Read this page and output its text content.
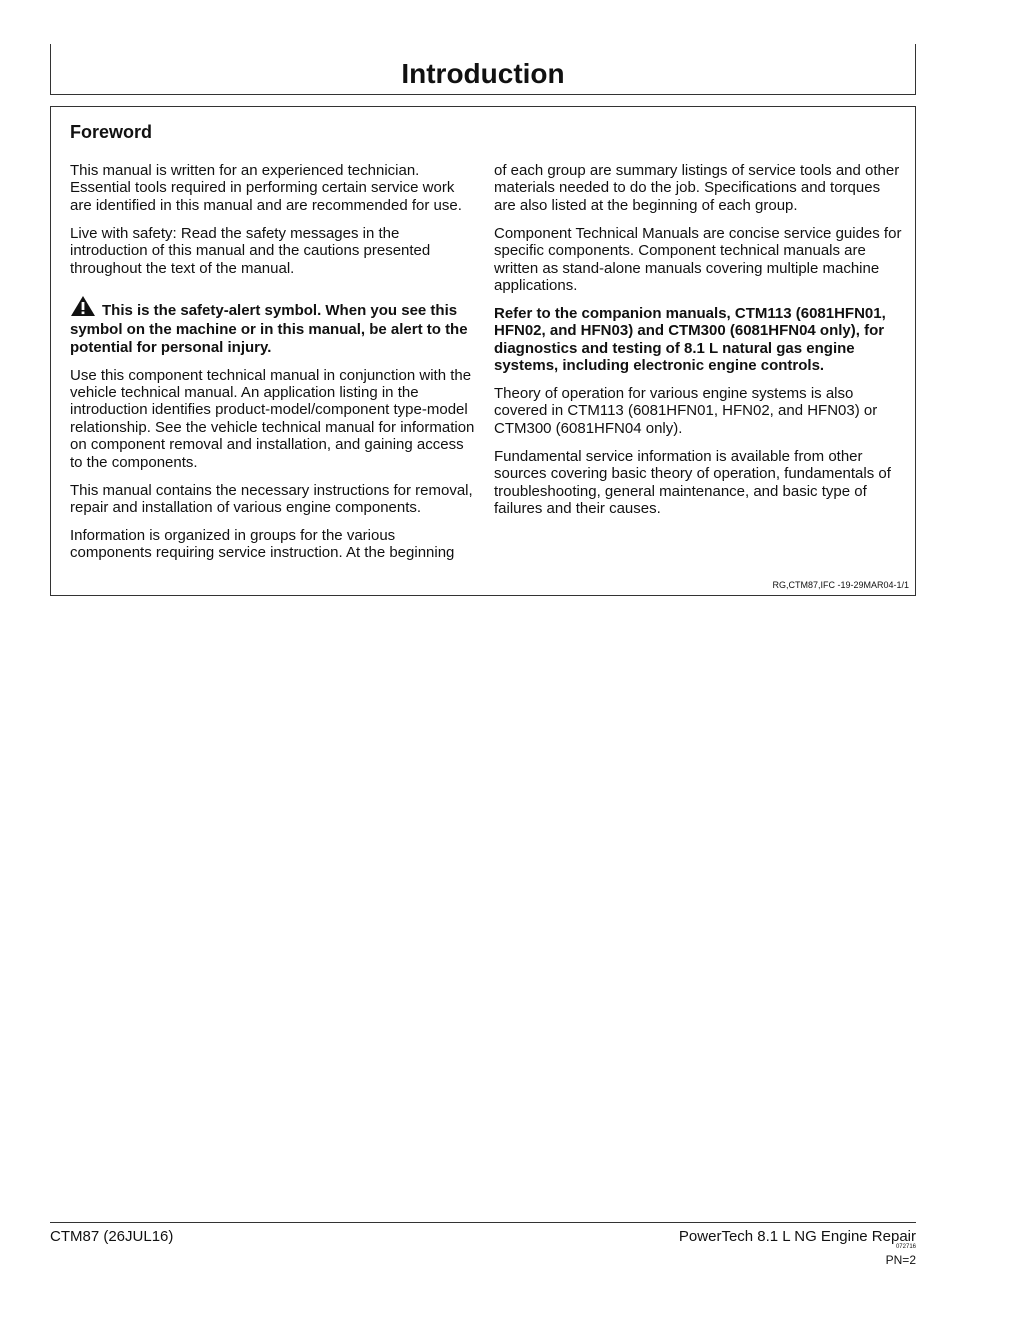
Introduction
Foreword

This manual is written for an experienced technician. Essential tools required in performing certain service work are identified in this manual and are recommended for use.

Live with safety: Read the safety messages in the introduction of this manual and the cautions presented throughout the text of the manual.

This is the safety-alert symbol. When you see this symbol on the machine or in this manual, be alert to the potential for personal injury.

Use this component technical manual in conjunction with the vehicle technical manual. An application listing in the introduction identifies product-model/component type-model relationship. See the vehicle technical manual for information on component removal and installation, and gaining access to the components.

This manual contains the necessary instructions for removal, repair and installation of various engine components.

Information is organized in groups for the various components requiring service instruction. At the beginning

of each group are summary listings of service tools and other materials needed to do the job. Specifications and torques are also listed at the beginning of each group.

Component Technical Manuals are concise service guides for specific components. Component technical manuals are written as stand-alone manuals covering multiple machine applications.

Refer to the companion manuals, CTM113 (6081HFN01, HFN02, and HFN03) and CTM300 (6081HFN04 only), for diagnostics and testing of 8.1 L natural gas engine systems, including electronic engine controls.

Theory of operation for various engine systems is also covered in CTM113 (6081HFN01, HFN02, and HFN03) or CTM300 (6081HFN04 only).

Fundamental service information is available from other sources covering basic theory of operation, fundamentals of troubleshooting, general maintenance, and basic type of failures and their causes.

RG,CTM87,IFC -19-29MAR04-1/1
CTM87 (26JUL16)	PowerTech 8.1 L NG Engine Repair
072716
PN=2
